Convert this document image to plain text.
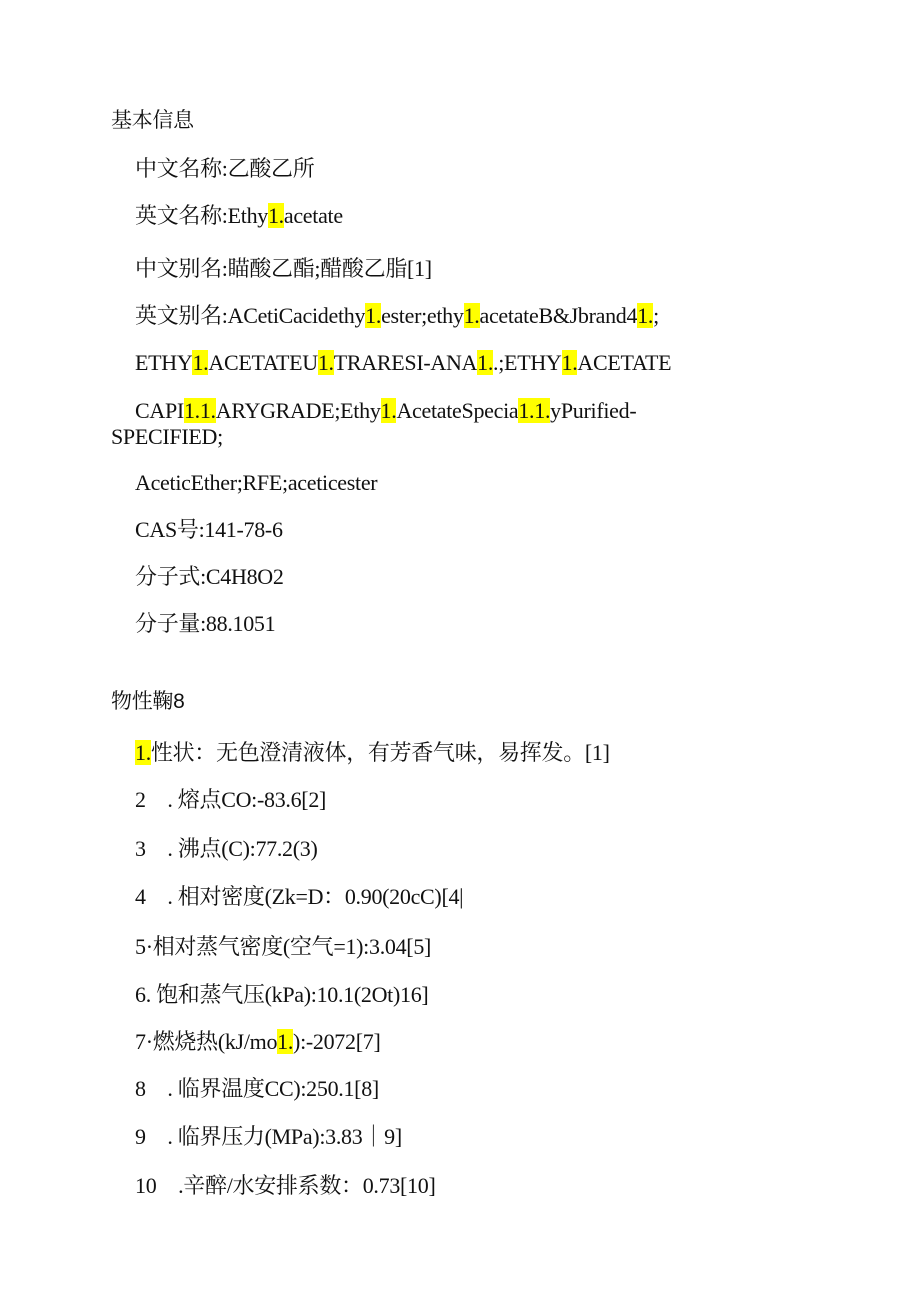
基本信息
中文名称:乙酸乙所
英文名称:Ethy1.acetate
中文别名:瞄酸乙酯;醋酸乙脂[1]
英文别名:ACetiCacidethy1.ester;ethy1.acetateB&Jbrand41.;
ETHY1.ACETATEU1.TRARESI-ANA1..;ETHY1.ACETATE
CAPI1.1.ARYGRADE;Ethy1.AcetateSpecia1.1.yPurified-
SPECIFIED;
AceticEther;RFE;aceticester
CAS号:141-78-6
分子式:C4H8O2
分子量:88.1051
物性鞠8
1.性状：无色澄清液体，有芳香气味，易挥发。[1]
2　. 熔点CO:-83.6[2]
3　. 沸点(C):77.2(3)
4　. 相对密度(Zk=D：0.90(20cC)[4|
5·相对蒸气密度(空气=1):3.04[5]
6. 饱和蒸气压(kPa):10.1(2Ot)16]
7·燃烧热(kJ/mo1.):-2072[7]
8　. 临界温度CC):250.1[8]
9　. 临界压力(MPa):3.83｜9]
10　.辛醉/水安排系数：0.73[10]
